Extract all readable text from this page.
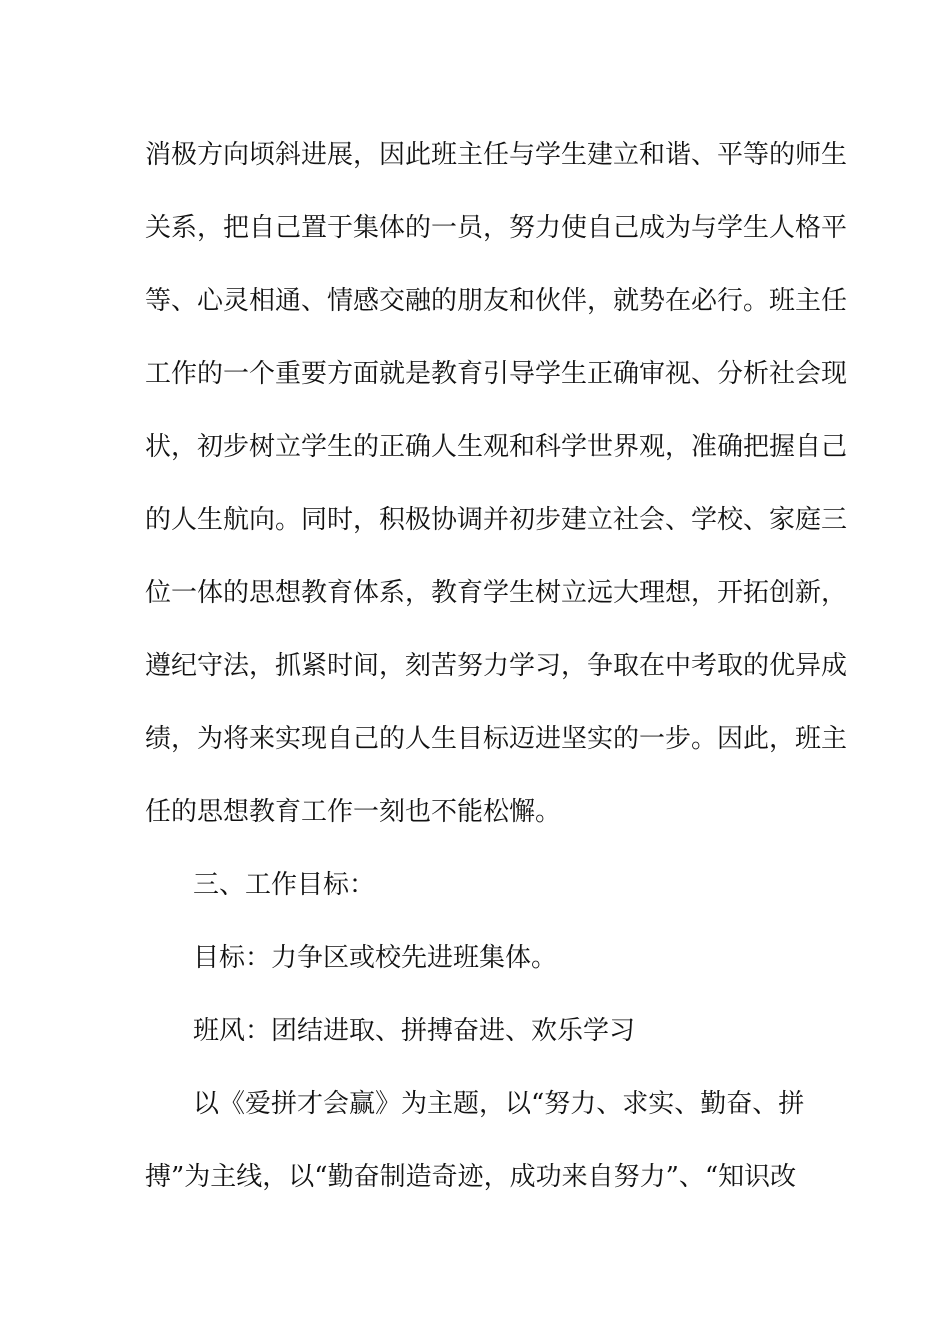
消极方向顷斜进展，因此班主任与学生建立和谐、平等的师生
关系，把自己置于集体的一员，努力使自己成为与学生人格平
等、心灵相通、情感交融的朋友和伙伴，就势在必行。班主任
工作的一个重要方面就是教育引导学生正确审视、分析社会现
状，初步树立学生的正确人生观和科学世界观，准确把握自己
的人生航向。同时，积极协调并初步建立社会、学校、家庭三
位一体的思想教育体系，教育学生树立远大理想，开拓创新，
遵纪守法，抓紧时间，刻苦努力学习，争取在中考取的优异成
绩，为将来实现自己的人生目标迈进坚实的一步。因此，班主
任的思想教育工作一刻也不能松懈。
三、工作目标：
目标：力争区或校先进班集体。
班风：团结进取、拼搏奋进、欢乐学习
以《爱拼才会赢》为主题，以“努力、求实、勤奋、拼
搏”为主线，以“勤奋制造奇迹，成功来自努力”、“知识改
